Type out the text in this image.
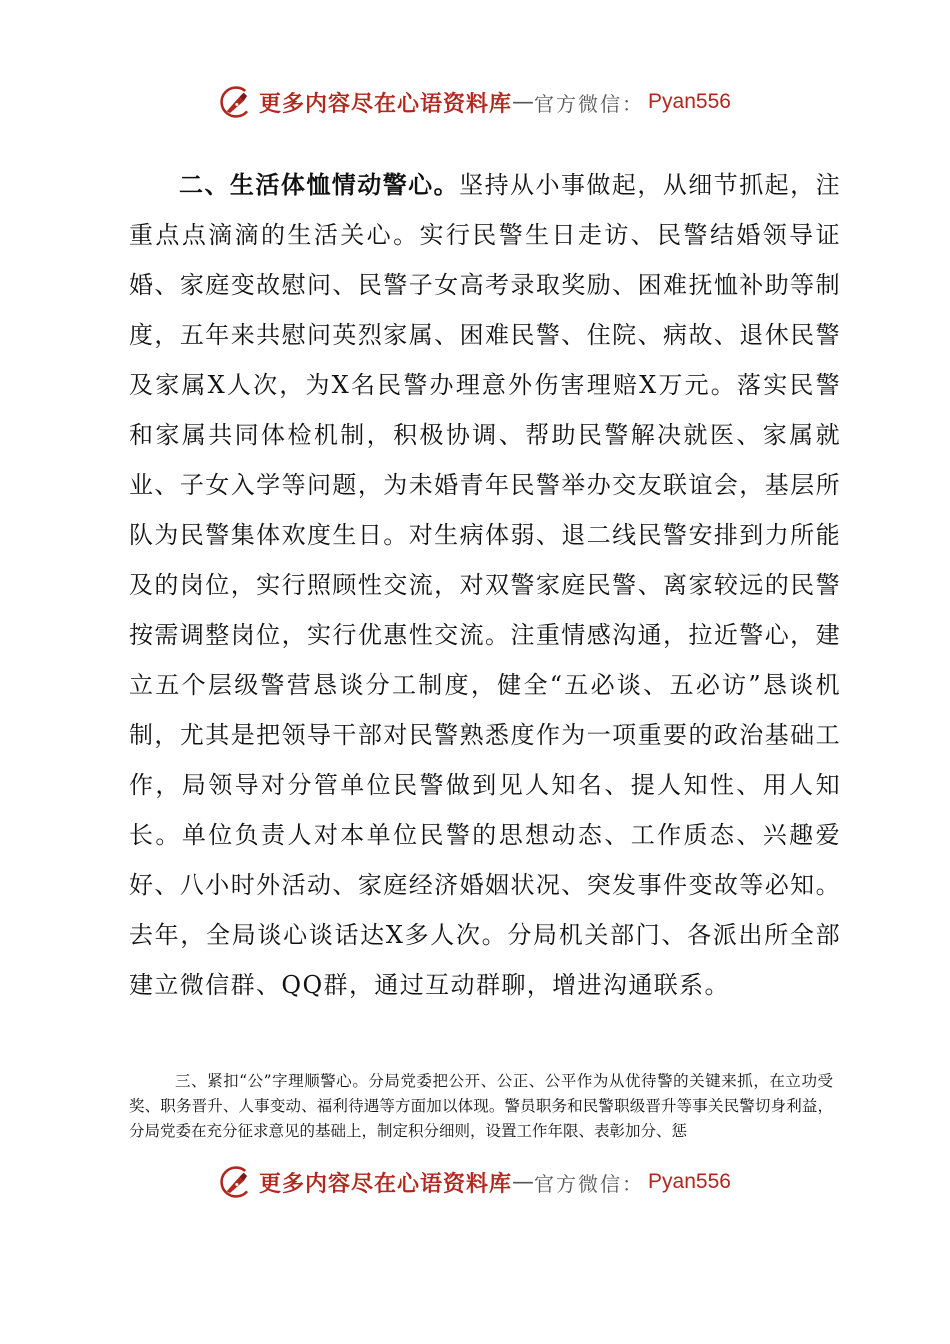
更多内容尽在心语资料库 — 官方微信： Pyan556

二、生活体恤情动警心。坚持从小事做起，从细节抓起，注重点点滴滴的生活关心。实行民警生日走访、民警结婚领导证婚、家庭变故慰问、民警子女高考录取奖励、困难抚恤补助等制度，五年来共慰问英烈家属、困难民警、住院、病故、退休民警及家属X人次，为X名民警办理意外伤害理赔X万元。落实民警和家属共同体检机制，积极协调、帮助民警解决就医、家属就业、子女入学等问题，为未婚青年民警举办交友联谊会，基层所队为民警集体欢度生日。对生病体弱、退二线民警安排到力所能及的岗位，实行照顾性交流，对双警家庭民警、离家较远的民警按需调整岗位，实行优惠性交流。注重情感沟通，拉近警心，建立五个层级警营恳谈分工制度，健全“五必谈、五必访”恳谈机制，尤其是把领导干部对民警熟悉度作为一项重要的政治基础工作，局领导对分管单位民警做到见人知名、提人知性、用人知长。单位负责人对本单位民警的思想动态、工作质态、兴趣爱好、八小时外活动、家庭经济婚姻状况、突发事件变故等必知。去年，全局谈心谈话达X多人次。分局机关部门、各派出所全部建立微信群、QQ群，通过互动群聊，增进沟通联系。

三、紧扣“公”字理顺警心。分局党委把公开、公正、公平作为从优待警的关键来抓，在立功受奖、职务晋升、人事变动、福利待遇等方面加以体现。警员职务和民警职级晋升等事关民警切身利益，分局党委在充分征求意见的基础上，制定积分细则，设置工作年限、表彰加分、惩

更多内容尽在心语资料库 — 官方微信： Pyan556
